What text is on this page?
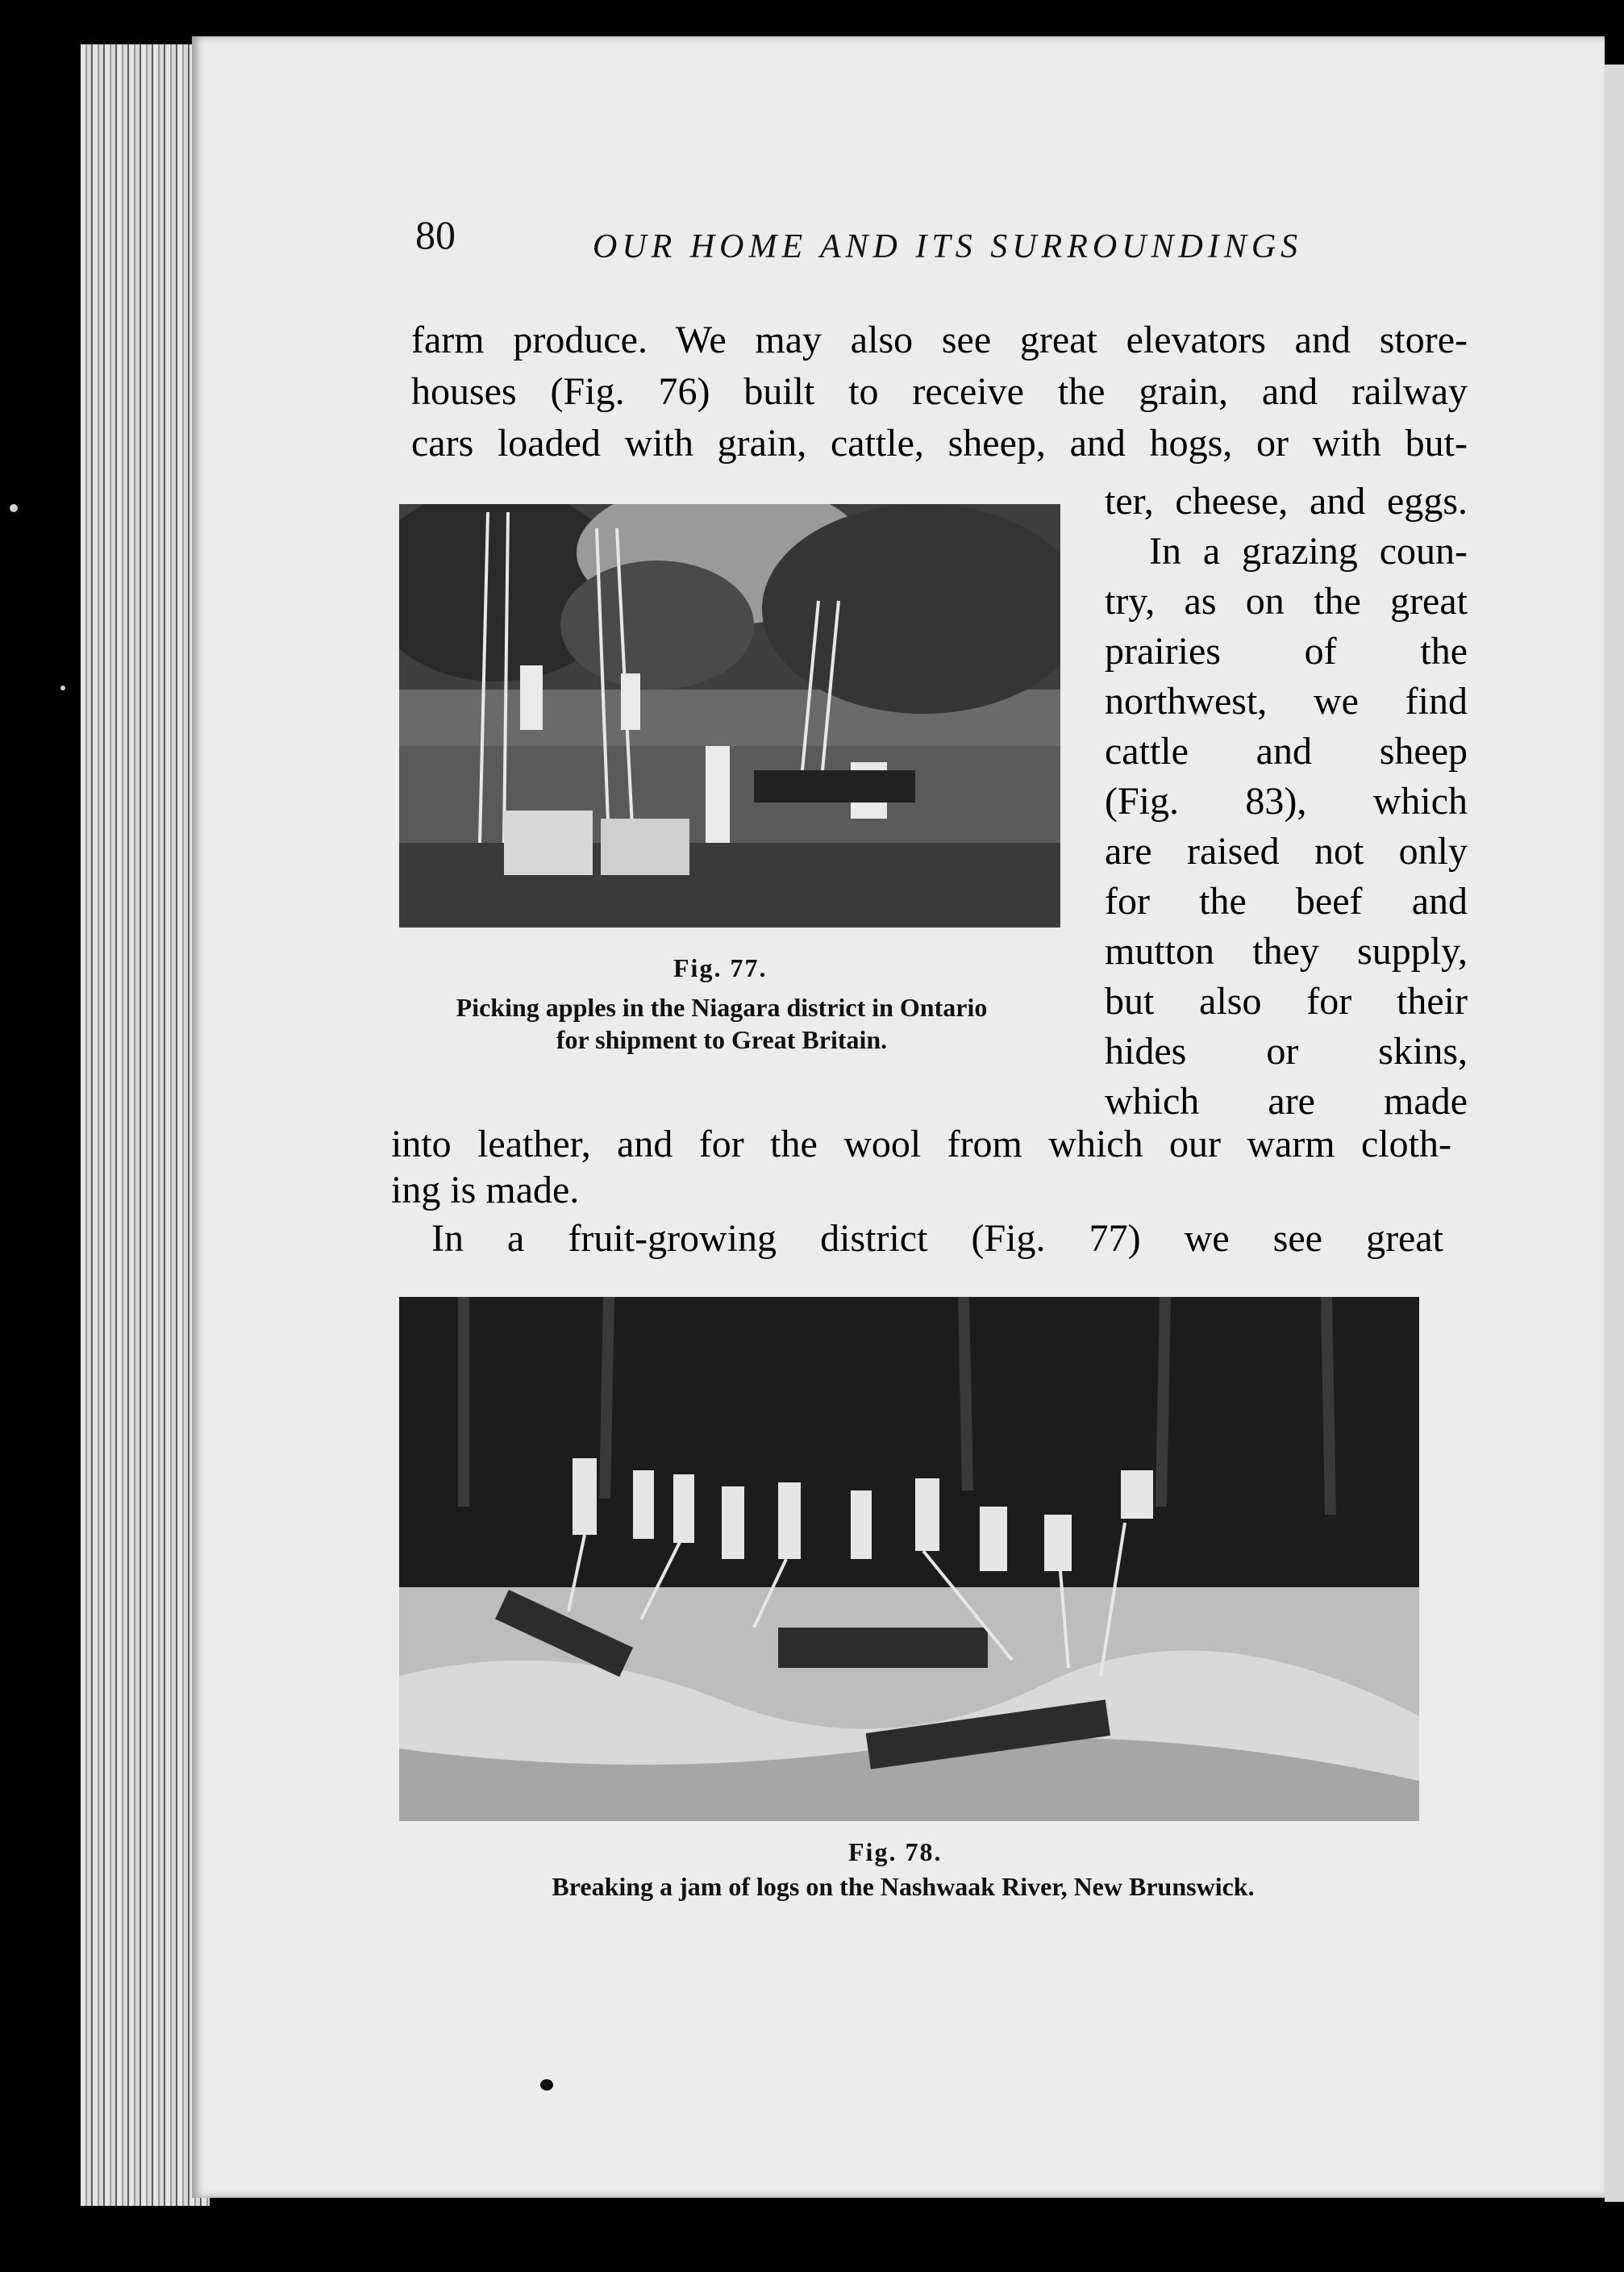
80	OUR HOME AND ITS SURROUNDINGS

farm produce. We may also see great elevators and store-

houses (Fig. 76) built to receive the grain, and railway

cars loaded with grain, cattle, sheep, and hogs, or with but-

ter, cheese, and eggs.

In a grazing coun-

try, as on the great

prairies of the

northwest, we find

cattle and sheep

(Fig. 83), which

are raised not only

for the beef and

mutton they supply,

but also for their

hides or skins,

which are made

into leather, and for the wool from which our warm cloth-

ing is made.

In a fruit-growing district (Fig. 77) we see great

Fig. 77.

Picking apples in the Niagara district in Ontario

for shipment to Great Britain.

Fig. 78.

Breaking a jam of logs on the Nashwaak River, New Brunswick.
